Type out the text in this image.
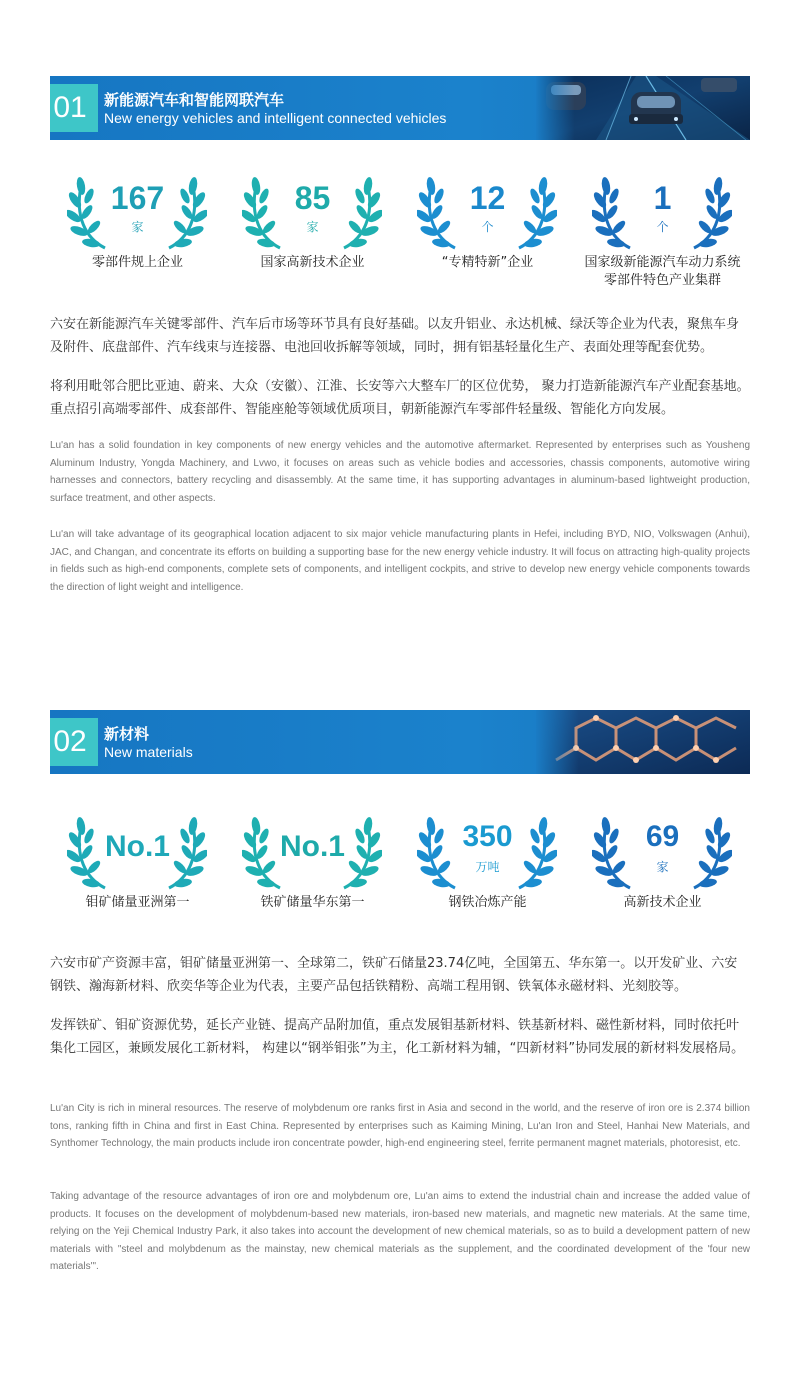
01	新能源汽车和智能网联汽车
New energy vehicles and intelligent connected vehicles
167
家
零部件规上企业
85
家
国家高新技术企业
12
个
“专精特新”企业
1
个
国家级新能源汽车动力系统
零部件特色产业集群

六安在新能源汽车关键零部件、汽车后市场等环节具有良好基础。以友升铝业、永达机械、绿沃等企业为代表，聚焦车身及附件、底盘部件、汽车线束与连接器、电池回收拆解等领域，同时，拥有铝基轻量化生产、表面处理等配套优势。

将利用毗邻合肥比亚迪、蔚来、大众（安徽）、江淮、长安等六大整车厂的区位优势， 聚力打造新能源汽车产业配套基地。重点招引高端零部件、成套部件、智能座舱等领域优质项目，朝新能源汽车零部件轻量级、智能化方向发展。

Lu'an has a solid foundation in key components of new energy vehicles and the automotive aftermarket. Represented by enterprises such as Yousheng Aluminum Industry, Yongda Machinery, and Lvwo, it focuses on areas such as vehicle bodies and accessories, chassis components, automotive wiring harnesses and connectors, battery recycling and disassembly. At the same time, it has supporting advantages in aluminum-based lightweight production, surface treatment, and other aspects.

Lu'an will take advantage of its geographical location adjacent to six major vehicle manufacturing plants in Hefei, including BYD, NIO, Volkswagen (Anhui), JAC, and Changan, and concentrate its efforts on building a supporting base for the new energy vehicle industry. It will focus on attracting high-quality projects in fields such as high-end components, complete sets of components, and intelligent cockpits, and strive to develop new energy vehicle components towards the direction of light weight and intelligence.

02	新材料
New materials
No.1
钼矿储量亚洲第一
No.1
铁矿储量华东第一
350
万吨
钢铁冶炼产能
69
家
高新技术企业

六安市矿产资源丰富，钼矿储量亚洲第一、全球第二，铁矿石储量23.74亿吨，全国第五、华东第一。以开发矿业、六安钢铁、瀚海新材料、欣奕华等企业为代表，主要产品包括铁精粉、高端工程用钢、铁氧体永磁材料、光刻胶等。

发挥铁矿、钼矿资源优势，延长产业链、提高产品附加值，重点发展钼基新材料、铁基新材料、磁性新材料，同时依托叶集化工园区，兼顾发展化工新材料， 构建以“钢举钼张”为主，化工新材料为辅，“四新材料”协同发展的新材料发展格局。

Lu'an City is rich in mineral resources. The reserve of molybdenum ore ranks first in Asia and second in the world, and the reserve of iron ore is 2.374 billion tons, ranking fifth in China and first in East China. Represented by enterprises such as Kaiming Mining, Lu'an Iron and Steel, Hanhai New Materials, and Synthomer Technology, the main products include iron concentrate powder, high-end engineering steel, ferrite permanent magnet materials, photoresist, etc.

Taking advantage of the resource advantages of iron ore and molybdenum ore, Lu'an aims to extend the industrial chain and increase the added value of products. It focuses on the development of molybdenum-based new materials, iron-based new materials, and magnetic new materials. At the same time, relying on the Yeji Chemical Industry Park, it also takes into account the development of new chemical materials, so as to build a development pattern of new materials with "steel and molybdenum as the mainstay, new chemical materials as the supplement, and the coordinated development of the 'four new materials'".
